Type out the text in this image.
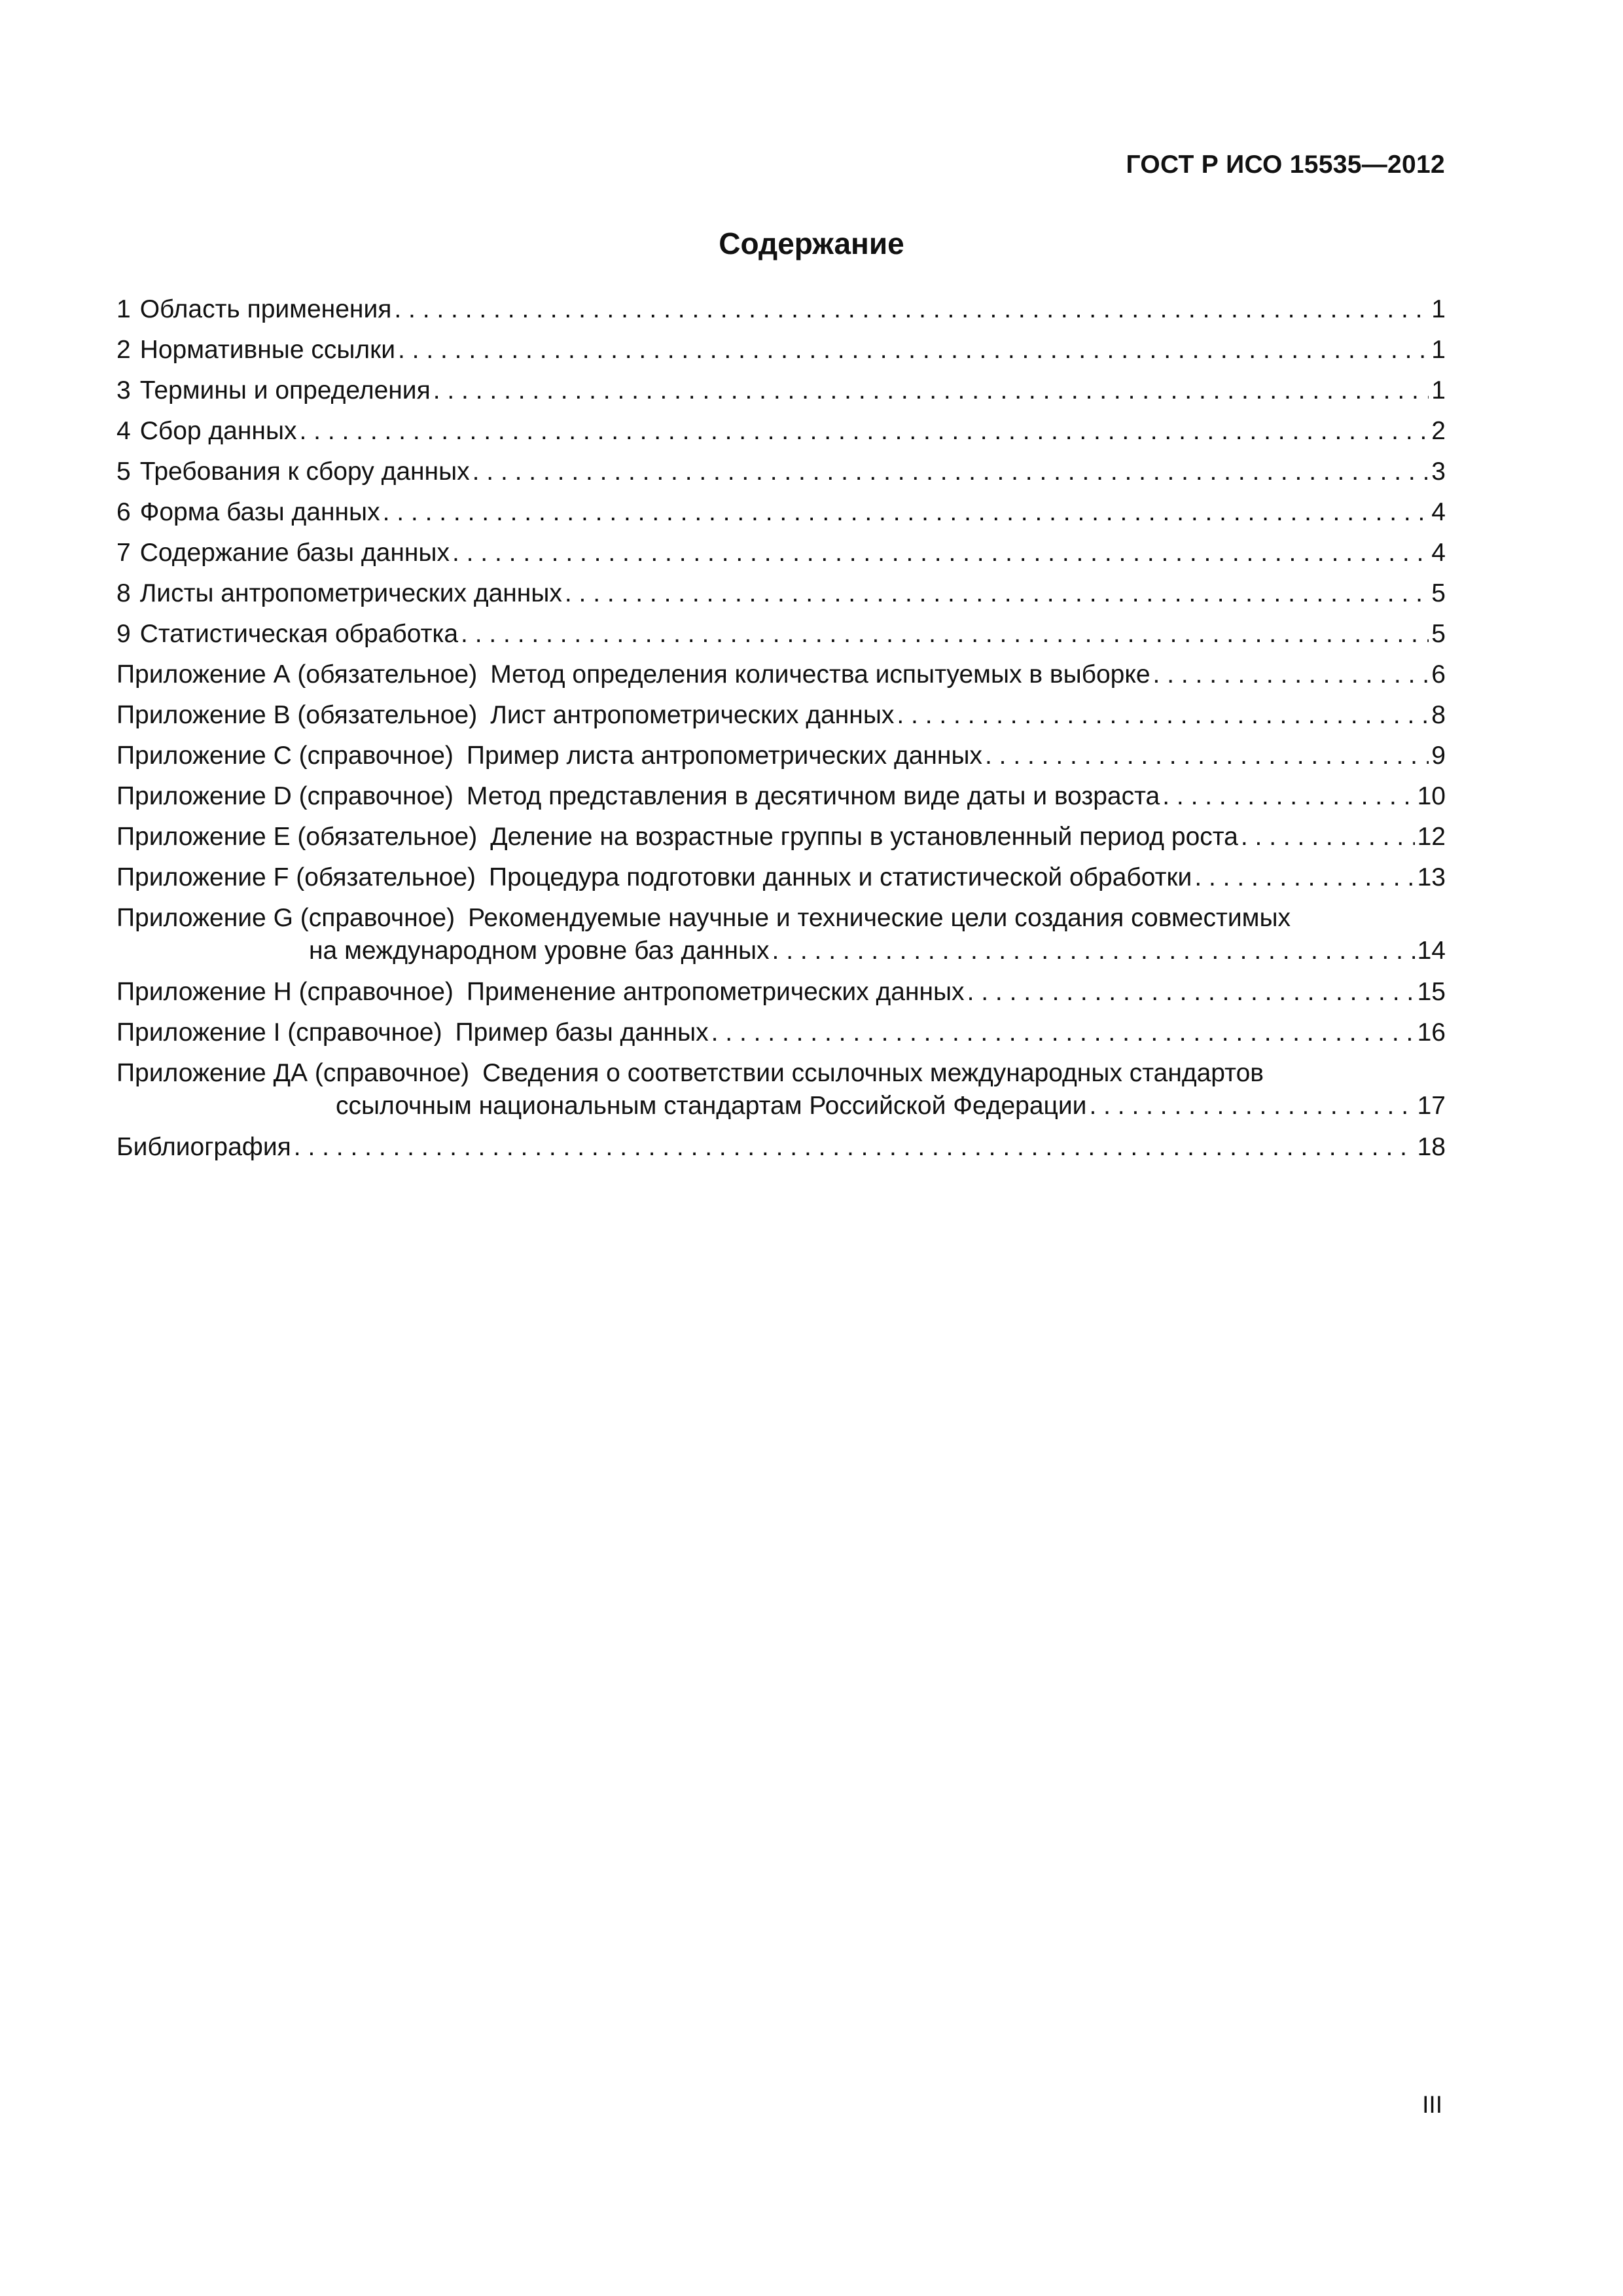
ГОСТ Р ИСО 15535—2012
Содержание
1 Область применения . . .	1
2 Нормативные ссылки . . .	1
3 Термины и определения . . .	1
4 Сбор данных . . .	2
5 Требования к сбору данных . . .	3
6 Форма базы данных . . .	4
7 Содержание базы данных . . .	4
8 Листы антропометрических данных . . .	5
9 Статистическая обработка . . .	5
Приложение А (обязательное) Метод определения количества испытуемых в выборке . . .	6
Приложение В (обязательное) Лист антропометрических данных . . .	8
Приложение С (справочное) Пример листа антропометрических данных . . .	9
Приложение D (справочное) Метод представления в десятичном виде даты и возраста . . .	10
Приложение Е (обязательное) Деление на возрастные группы в установленный период роста . . .	12
Приложение F (обязательное) Процедура подготовки данных и статистической обработки . . .	13
Приложение G (справочное) Рекомендуемые научные и технические цели создания совместимых
на международном уровне баз данных . . .	14
Приложение Н (справочное) Применение антропометрических данных . . .	15
Приложение I (справочное) Пример базы данных . . .	16
Приложение ДА (справочное) Сведения о соответствии ссылочных международных стандартов
ссылочным национальным стандартам Российской Федерации . . .	17
Библиография . . .	18
III
